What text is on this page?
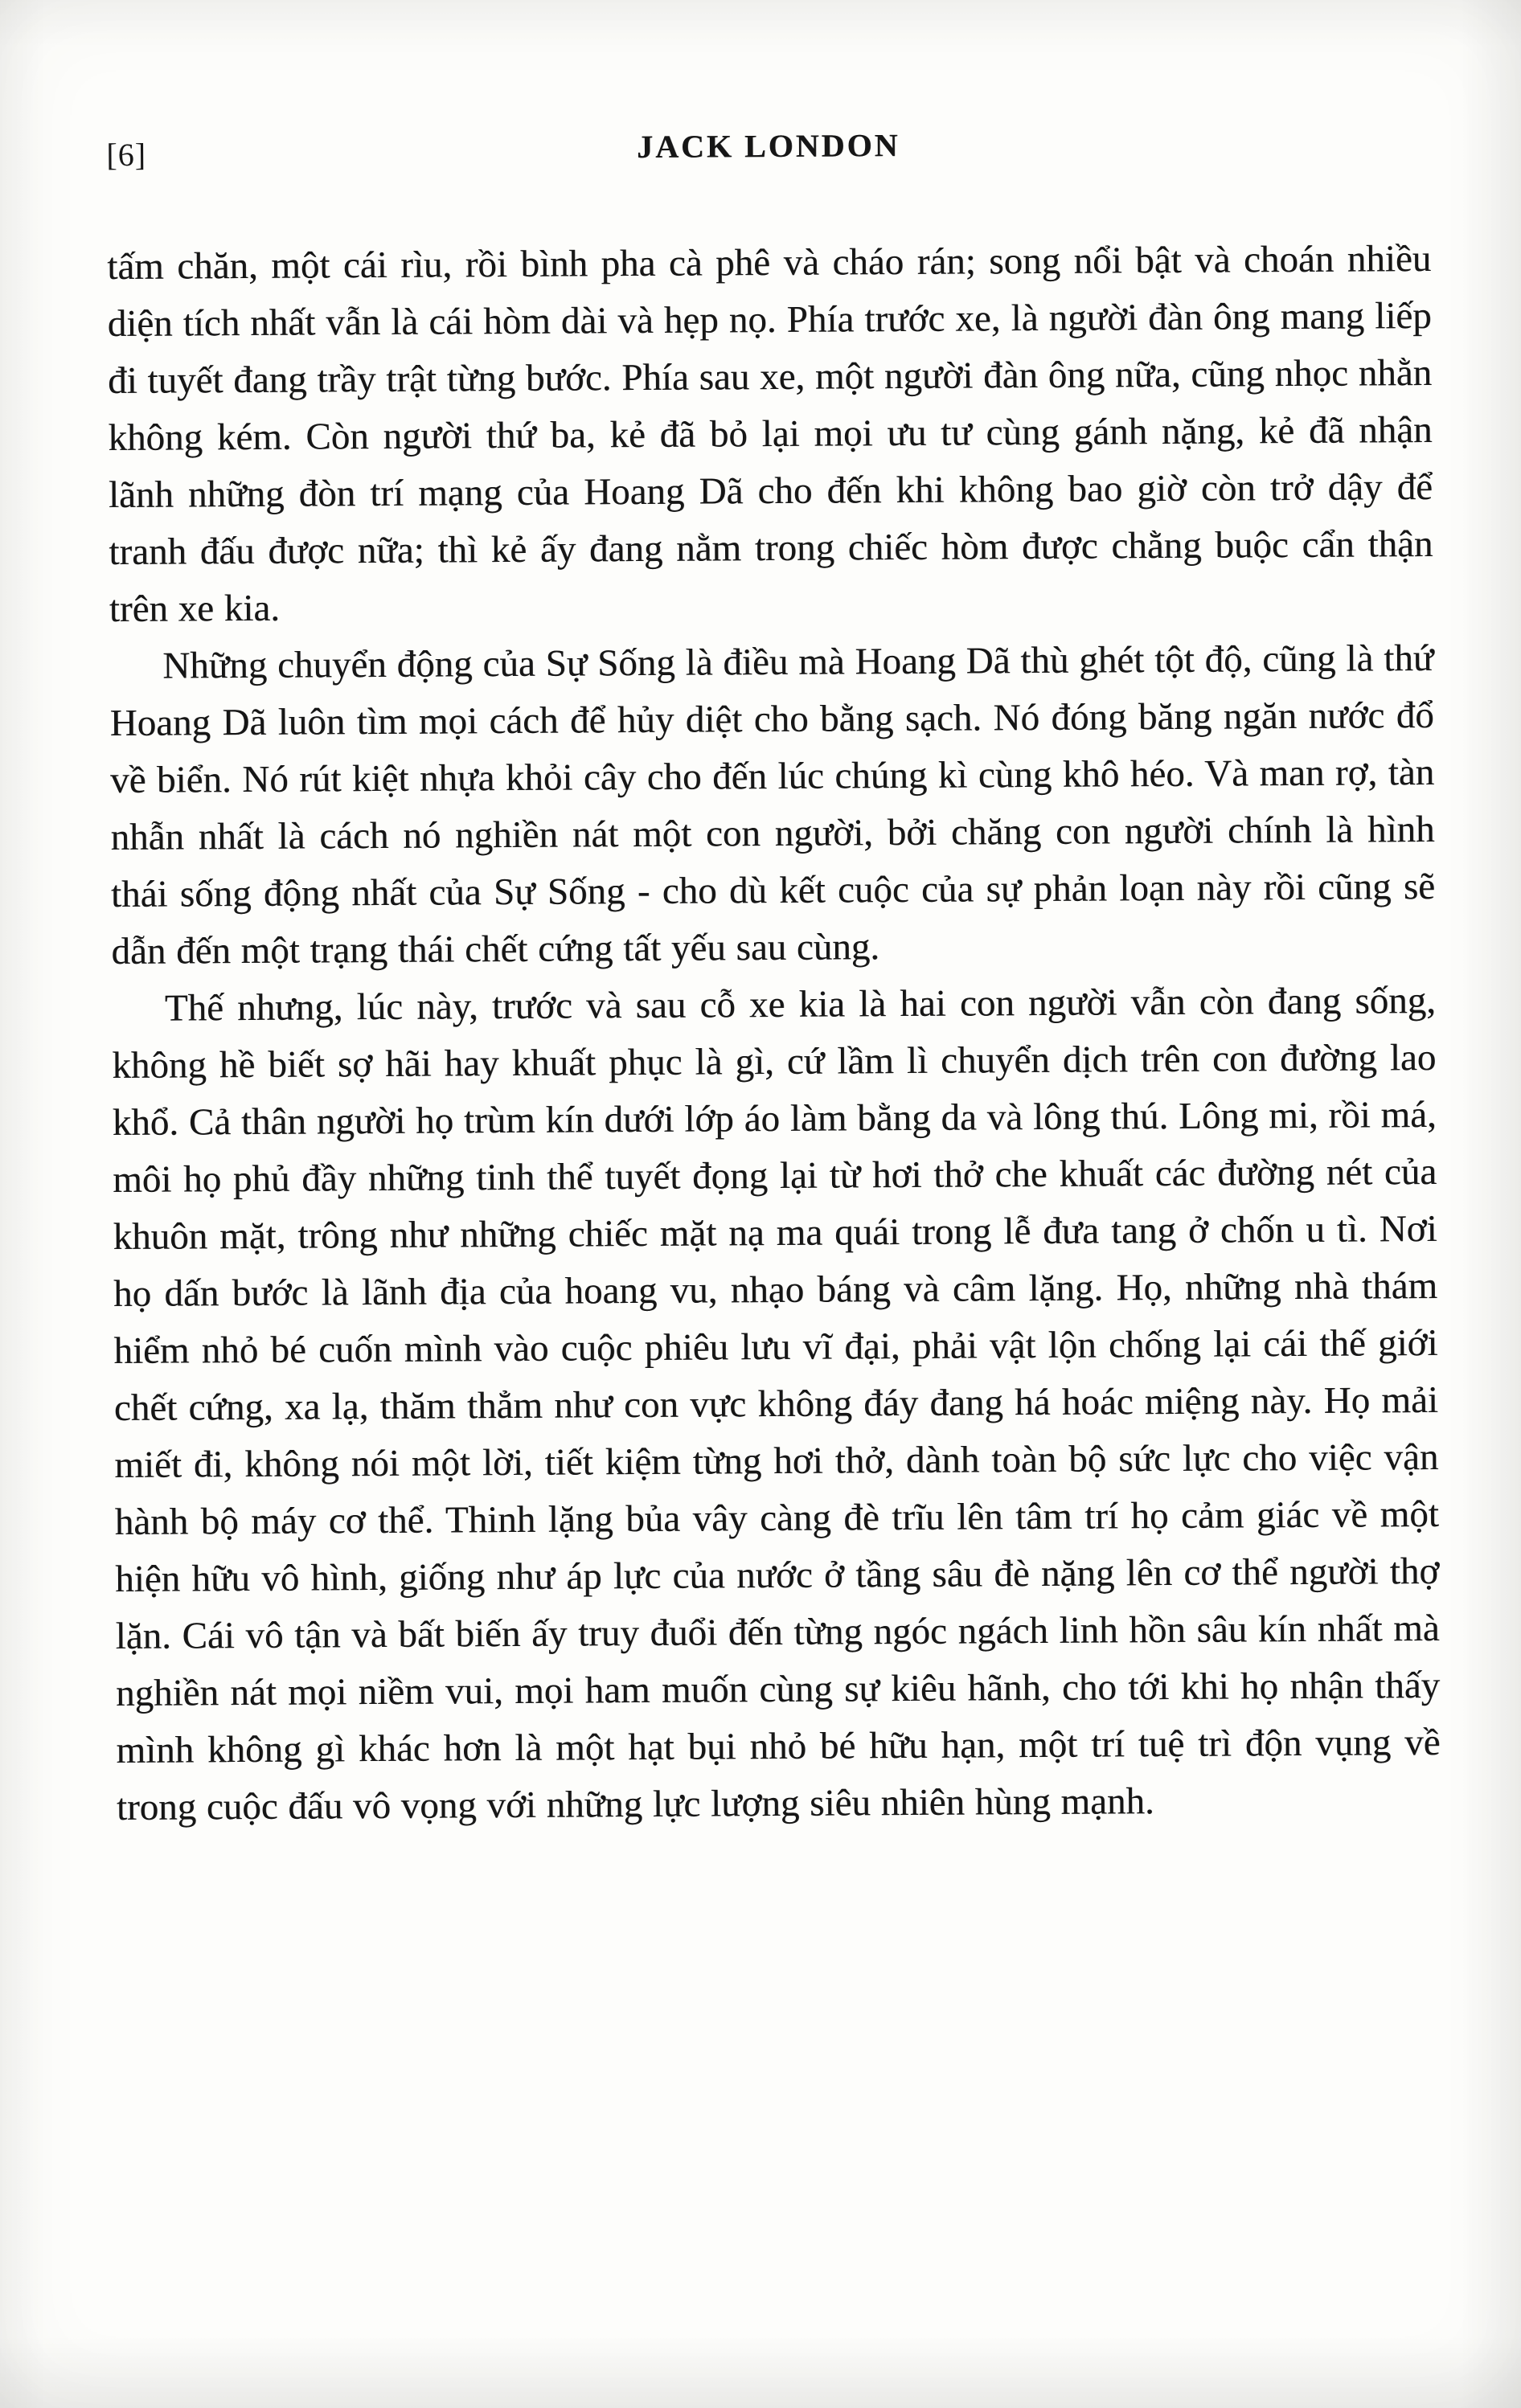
[6]	JACK LONDON

tấm chăn, một cái rìu, rồi bình pha cà phê và cháo rán; song nổi bật và choán nhiều diện tích nhất vẫn là cái hòm dài và hẹp nọ. Phía trước xe, là người đàn ông mang liếp đi tuyết đang trầy trật từng bước. Phía sau xe, một người đàn ông nữa, cũng nhọc nhằn không kém. Còn người thứ ba, kẻ đã bỏ lại mọi ưu tư cùng gánh nặng, kẻ đã nhận lãnh những đòn trí mạng của Hoang Dã cho đến khi không bao giờ còn trở dậy để tranh đấu được nữa; thì kẻ ấy đang nằm trong chiếc hòm được chằng buộc cẩn thận trên xe kia.

Những chuyển động của Sự Sống là điều mà Hoang Dã thù ghét tột độ, cũng là thứ Hoang Dã luôn tìm mọi cách để hủy diệt cho bằng sạch. Nó đóng băng ngăn nước đổ về biển. Nó rút kiệt nhựa khỏi cây cho đến lúc chúng kì cùng khô héo. Và man rợ, tàn nhẫn nhất là cách nó nghiền nát một con người, bởi chăng con người chính là hình thái sống động nhất của Sự Sống - cho dù kết cuộc của sự phản loạn này rồi cũng sẽ dẫn đến một trạng thái chết cứng tất yếu sau cùng.

Thế nhưng, lúc này, trước và sau cỗ xe kia là hai con người vẫn còn đang sống, không hề biết sợ hãi hay khuất phục là gì, cứ lầm lì chuyển dịch trên con đường lao khổ. Cả thân người họ trùm kín dưới lớp áo làm bằng da và lông thú. Lông mi, rồi má, môi họ phủ đầy những tinh thể tuyết đọng lại từ hơi thở che khuất các đường nét của khuôn mặt, trông như những chiếc mặt nạ ma quái trong lễ đưa tang ở chốn u tì. Nơi họ dấn bước là lãnh địa của hoang vu, nhạo báng và câm lặng. Họ, những nhà thám hiểm nhỏ bé cuốn mình vào cuộc phiêu lưu vĩ đại, phải vật lộn chống lại cái thế giới chết cứng, xa lạ, thăm thẳm như con vực không đáy đang há hoác miệng này. Họ mải miết đi, không nói một lời, tiết kiệm từng hơi thở, dành toàn bộ sức lực cho việc vận hành bộ máy cơ thể. Thinh lặng bủa vây càng đè trĩu lên tâm trí họ cảm giác về một hiện hữu vô hình, giống như áp lực của nước ở tầng sâu đè nặng lên cơ thể người thợ lặn. Cái vô tận và bất biến ấy truy đuổi đến từng ngóc ngách linh hồn sâu kín nhất mà nghiền nát mọi niềm vui, mọi ham muốn cùng sự kiêu hãnh, cho tới khi họ nhận thấy mình không gì khác hơn là một hạt bụi nhỏ bé hữu hạn, một trí tuệ trì độn vụng về trong cuộc đấu vô vọng với những lực lượng siêu nhiên hùng mạnh.
